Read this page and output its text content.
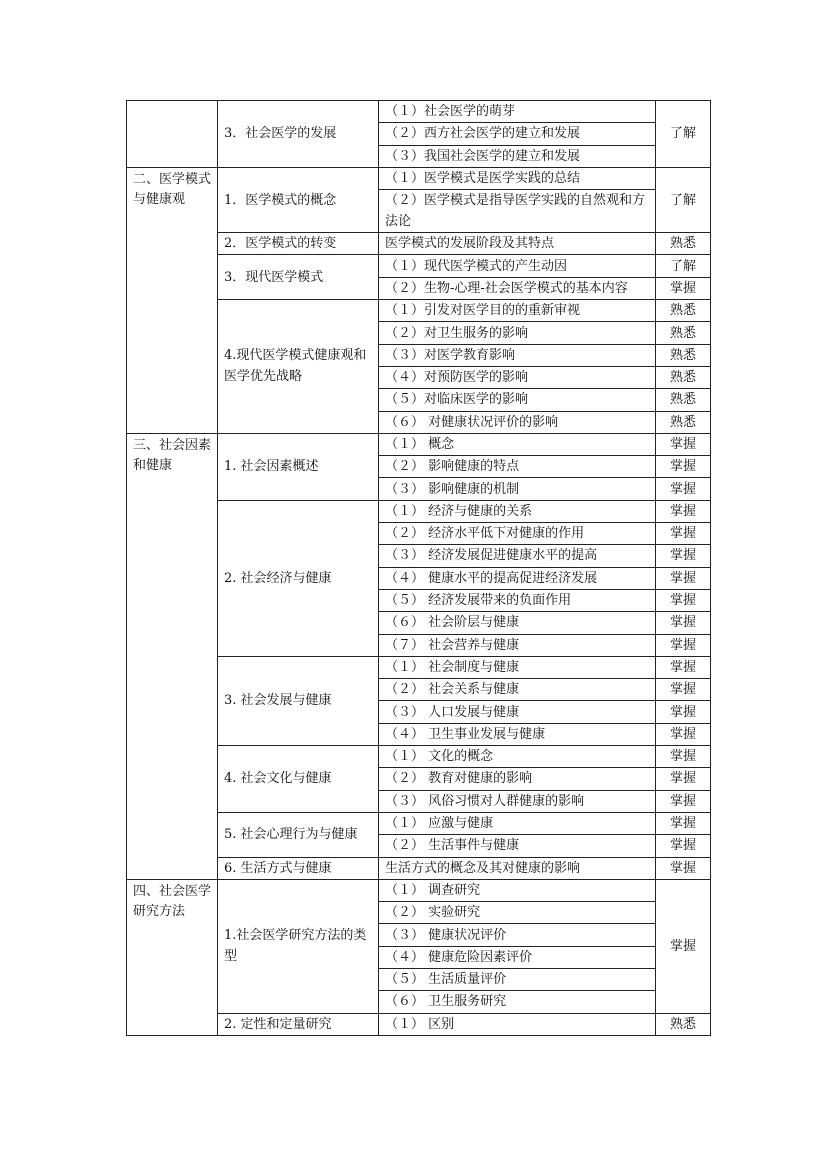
	3．社会医学的发展	（１）社会医学的萌芽	了解
		（２）西方社会医学的建立和发展	
		（３）我国社会医学的建立和发展	
二、医学模式与健康观	1．医学模式的概念	（１）医学模式是医学实践的总结	了解
		（２）医学模式是指导医学实践的自然观和方法论	
	2．医学模式的转变	医学模式的发展阶段及其特点	熟悉
	3．现代医学模式	（１）现代医学模式的产生动因	了解
		（２）生物-心理-社会医学模式的基本内容	掌握
	4.现代医学模式健康观和医学优先战略	（１）引发对医学目的的重新审视	熟悉
		（２）对卫生服务的影响	熟悉
		（３）对医学教育影响	熟悉
		（４）对预防医学的影响	熟悉
		（５）对临床医学的影响	熟悉
		（６） 对健康状况评价的影响	熟悉
三、社会因素和健康	1. 社会因素概述	（１） 概念	掌握
		（２） 影响健康的特点	掌握
		（３） 影响健康的机制	掌握
	2. 社会经济与健康	（１） 经济与健康的关系	掌握
		（２） 经济水平低下对健康的作用	掌握
		（３） 经济发展促进健康水平的提高	掌握
		（４） 健康水平的提高促进经济发展	掌握
		（５） 经济发展带来的负面作用	掌握
		（６） 社会阶层与健康	掌握
		（７） 社会营养与健康	掌握
	3. 社会发展与健康	（１） 社会制度与健康	掌握
		（２） 社会关系与健康	掌握
		（３） 人口发展与健康	掌握
		（４） 卫生事业发展与健康	掌握
	4. 社会文化与健康	（１） 文化的概念	掌握
		（２） 教育对健康的影响	掌握
		（３） 风俗习惯对人群健康的影响	掌握
	5. 社会心理行为与健康	（１） 应激与健康	掌握
		（２） 生活事件与健康	掌握
	6. 生活方式与健康	生活方式的概念及其对健康的影响	掌握
四、社会医学研究方法	1.社会医学研究方法的类型	（１） 调查研究	掌握
		（２） 实验研究	
		（３） 健康状况评价	
		（４） 健康危险因素评价	
		（５） 生活质量评价	
		（６） 卫生服务研究	
	2. 定性和定量研究	（１） 区别	熟悉
